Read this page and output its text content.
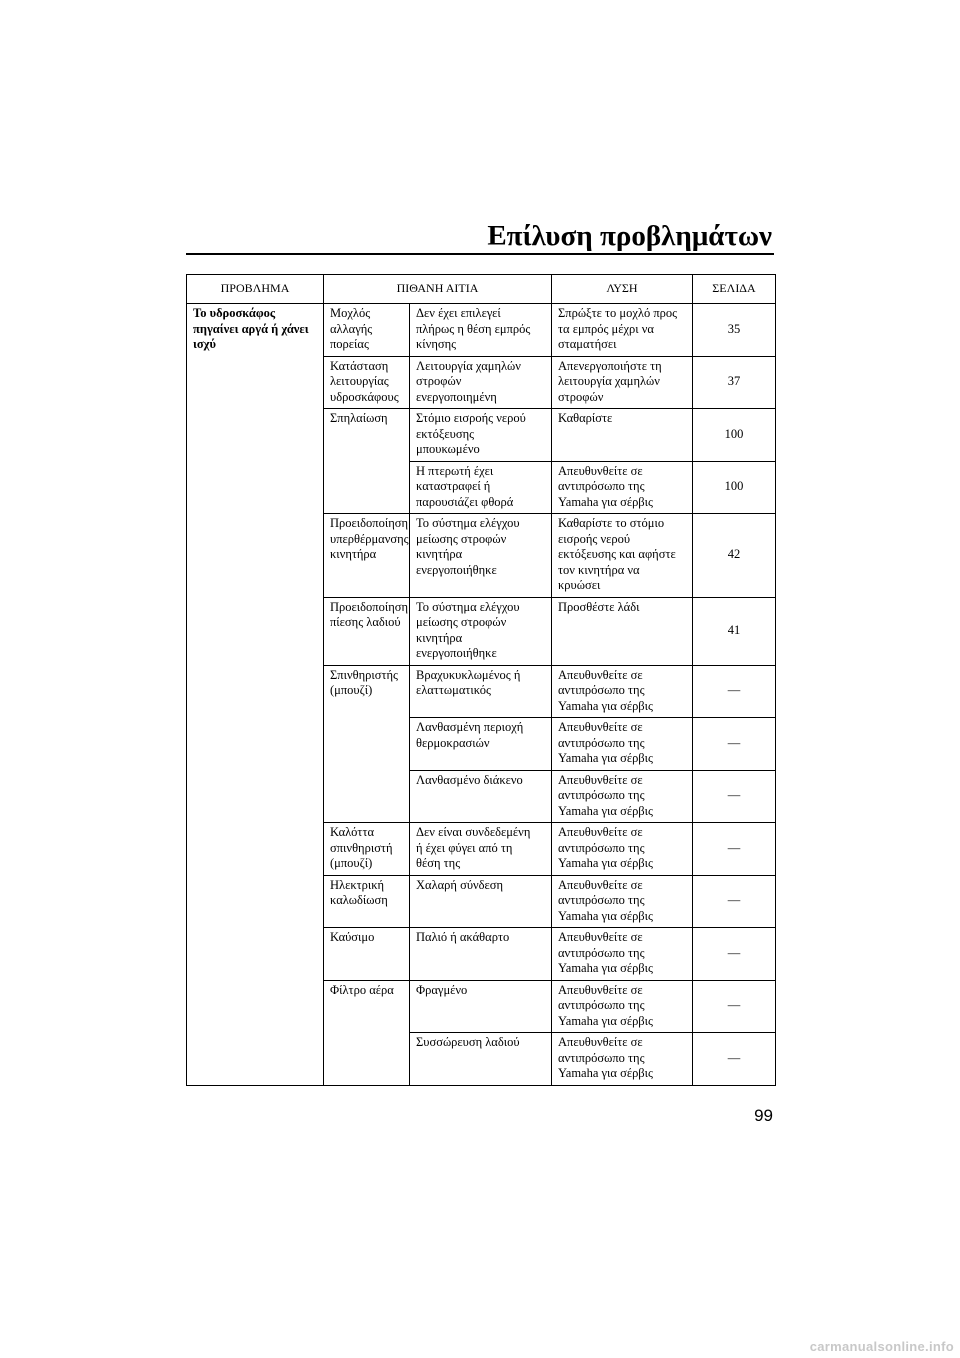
Επίλυση προβλημάτων
ΠΡΟΒΛΗΜΑ	ΠΙΘΑΝΗ ΑΙΤΙΑ		ΛΥΣΗ	ΣΕΛΙΔΑ
Το υδροσκάφος
πηγαίνει αργά ή χάνει
ισχύ	Μοχλός
αλλαγής
πορείας	Δεν έχει επιλεγεί
πλήρως η θέση εμπρός
κίνησης	Σπρώξτε το μοχλό προς
τα εμπρός μέχρι να
σταματήσει	35
	Κατάσταση
λειτουργίας
υδροσκάφους	Λειτουργία χαμηλών
στροφών
ενεργοποιημένη	Απενεργοποιήστε τη
λειτουργία χαμηλών
στροφών	37
	Σπηλαίωση	Στόμιο εισροής νερού
εκτόξευσης
μπουκωμένο	Καθαρίστε	100
		Η πτερωτή έχει
καταστραφεί ή
παρουσιάζει φθορά	Απευθυνθείτε σε
αντιπρόσωπο της
Yamaha για σέρβις	100
	Προειδοποίηση
υπερθέρμανσης
κινητήρα	Το σύστημα ελέγχου
μείωσης στροφών
κινητήρα
ενεργοποιήθηκε	Καθαρίστε το στόμιο
εισροής νερού
εκτόξευσης και αφήστε
τον κινητήρα να
κρυώσει	42
	Προειδοποίηση
πίεσης λαδιού	Το σύστημα ελέγχου
μείωσης στροφών
κινητήρα
ενεργοποιήθηκε	Προσθέστε λάδι	41
	Σπινθηριστής
(μπουζί)	Βραχυκυκλωμένος ή
ελαττωματικός	Απευθυνθείτε σε
αντιπρόσωπο της
Yamaha για σέρβις	—
		Λανθασμένη περιοχή
θερμοκρασιών	Απευθυνθείτε σε
αντιπρόσωπο της
Yamaha για σέρβις	—
		Λανθασμένο διάκενο	Απευθυνθείτε σε
αντιπρόσωπο της
Yamaha για σέρβις	—
	Καλόττα
σπινθηριστή
(μπουζί)	Δεν είναι συνδεδεμένη
ή έχει φύγει από τη
θέση της	Απευθυνθείτε σε
αντιπρόσωπο της
Yamaha για σέρβις	—
	Ηλεκτρική
καλωδίωση	Χαλαρή σύνδεση	Απευθυνθείτε σε
αντιπρόσωπο της
Yamaha για σέρβις	—
	Καύσιμο	Παλιό ή ακάθαρτο	Απευθυνθείτε σε
αντιπρόσωπο της
Yamaha για σέρβις	—
	Φίλτρο αέρα	Φραγμένο	Απευθυνθείτε σε
αντιπρόσωπο της
Yamaha για σέρβις	—
		Συσσώρευση λαδιού	Απευθυνθείτε σε
αντιπρόσωπο της
Yamaha για σέρβις	—
99
carmanualsonline.info
